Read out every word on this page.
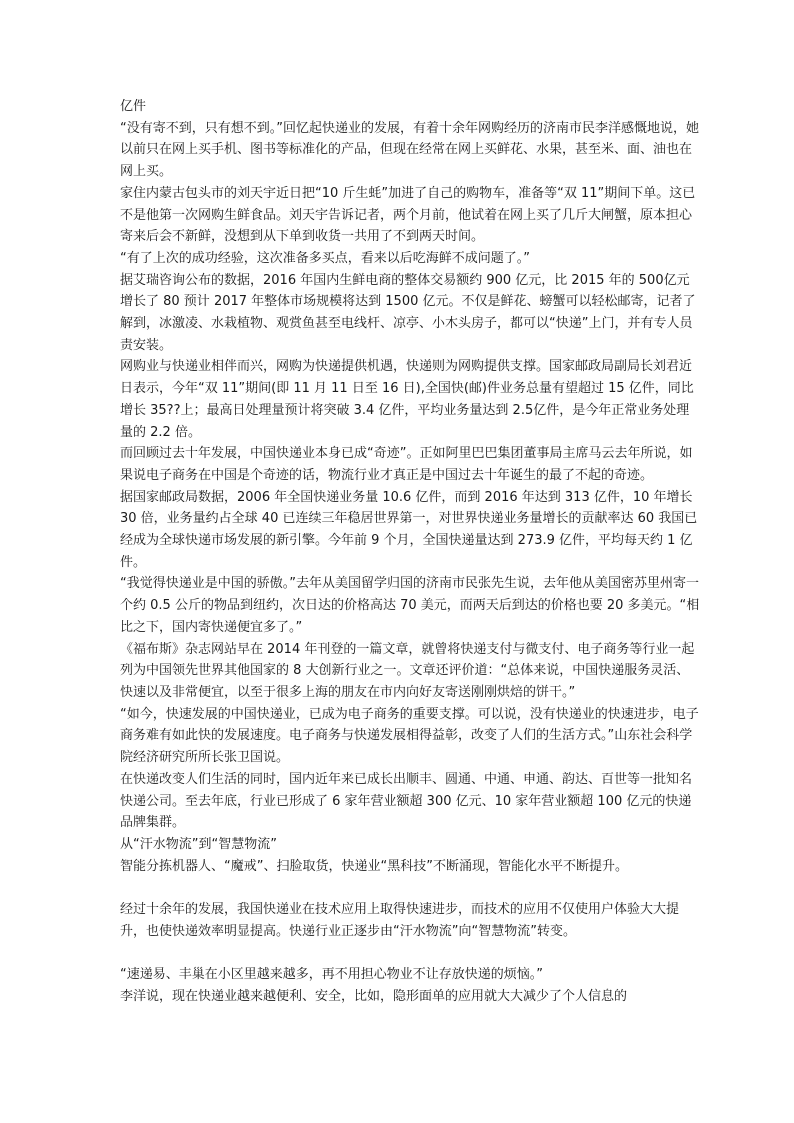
亿件

“没有寄不到，只有想不到。”回忆起快递业的发展，有着十余年网购经历的济南市民李洋感慨地说，她以前只在网上买手机、图书等标准化的产品，但现在经常在网上买鲜花、水果，甚至米、面、油也在网上买。

家住内蒙古包头市的刘天宇近日把“10 斤生蚝”加进了自己的购物车，准备等“双 11”期间下单。这已不是他第一次网购生鲜食品。刘天宇告诉记者，两个月前，他试着在网上买了几斤大闸蟹，原本担心寄来后会不新鲜，没想到从下单到收货一共用了不到两天时间。

“有了上次的成功经验，这次准备多买点，看来以后吃海鲜不成问题了。”

据艾瑞咨询公布的数据，2016 年国内生鲜电商的整体交易额约 900 亿元，比 2015 年的 500亿元增长了 80 预计 2017 年整体市场规模将达到 1500 亿元。不仅是鲜花、螃蟹可以轻松邮寄，记者了解到，冰激凌、水栽植物、观赏鱼甚至电线杆、凉亭、小木头房子，都可以“快递”上门，并有专人员责安装。

网购业与快递业相伴而兴，网购为快递提供机遇，快递则为网购提供支撑。国家邮政局副局长刘君近日表示，今年“双 11”期间(即 11 月 11 日至 16 日),全国快(邮)件业务总量有望超过 15 亿件，同比增长 35??上；最高日处理量预计将突破 3.4 亿件，平均业务量达到 2.5亿件，是今年正常业务处理量的 2.2 倍。

而回顾过去十年发展，中国快递业本身已成“奇迹”。正如阿里巴巴集团董事局主席马云去年所说，如果说电子商务在中国是个奇迹的话，物流行业才真正是中国过去十年诞生的最了不起的奇迹。

据国家邮政局数据，2006 年全国快递业务量 10.6 亿件，而到 2016 年达到 313 亿件，10 年增长 30 倍，业务量约占全球 40 已连续三年稳居世界第一，对世界快递业务量增长的贡献率达 60 我国已经成为全球快递市场发展的新引擎。今年前 9 个月，全国快递量达到 273.9 亿件，平均每天约 1 亿件。

“我觉得快递业是中国的骄傲。”去年从美国留学归国的济南市民张先生说，去年他从美国密苏里州寄一个约 0.5 公斤的物品到纽约，次日达的价格高达 70 美元，而两天后到达的价格也要 20 多美元。“相比之下，国内寄快递便宜多了。”

《福布斯》杂志网站早在 2014 年刊登的一篇文章，就曾将快递支付与微支付、电子商务等行业一起列为中国领先世界其他国家的 8 大创新行业之一。文章还评价道：“总体来说，中国快递服务灵活、快速以及非常便宜，以至于很多上海的朋友在市内向好友寄送刚刚烘焙的饼干。”

“如今，快速发展的中国快递业，已成为电子商务的重要支撑。可以说，没有快递业的快速进步，电子商务难有如此快的发展速度。电子商务与快递发展相得益彰，改变了人们的生活方式。”山东社会科学院经济研究所所长张卫国说。

在快递改变人们生活的同时，国内近年来已成长出顺丰、圆通、中通、申通、韵达、百世等一批知名快递公司。至去年底，行业已形成了 6 家年营业额超 300 亿元、10 家年营业额超 100 亿元的快递品牌集群。

从“汗水物流”到“智慧物流”

智能分拣机器人、“魔戒”、扫脸取货，快递业“黑科技”不断涌现，智能化水平不断提升。

经过十余年的发展，我国快递业在技术应用上取得快速进步，而技术的应用不仅使用户体验大大提升，也使快递效率明显提高。快递行业正逐步由“汗水物流”向“智慧物流”转变。

“速递易、丰巢在小区里越来越多，再不用担心物业不让存放快递的烦恼。”

李洋说，现在快递业越来越便利、安全，比如，隐形面单的应用就大大减少了个人信息的
